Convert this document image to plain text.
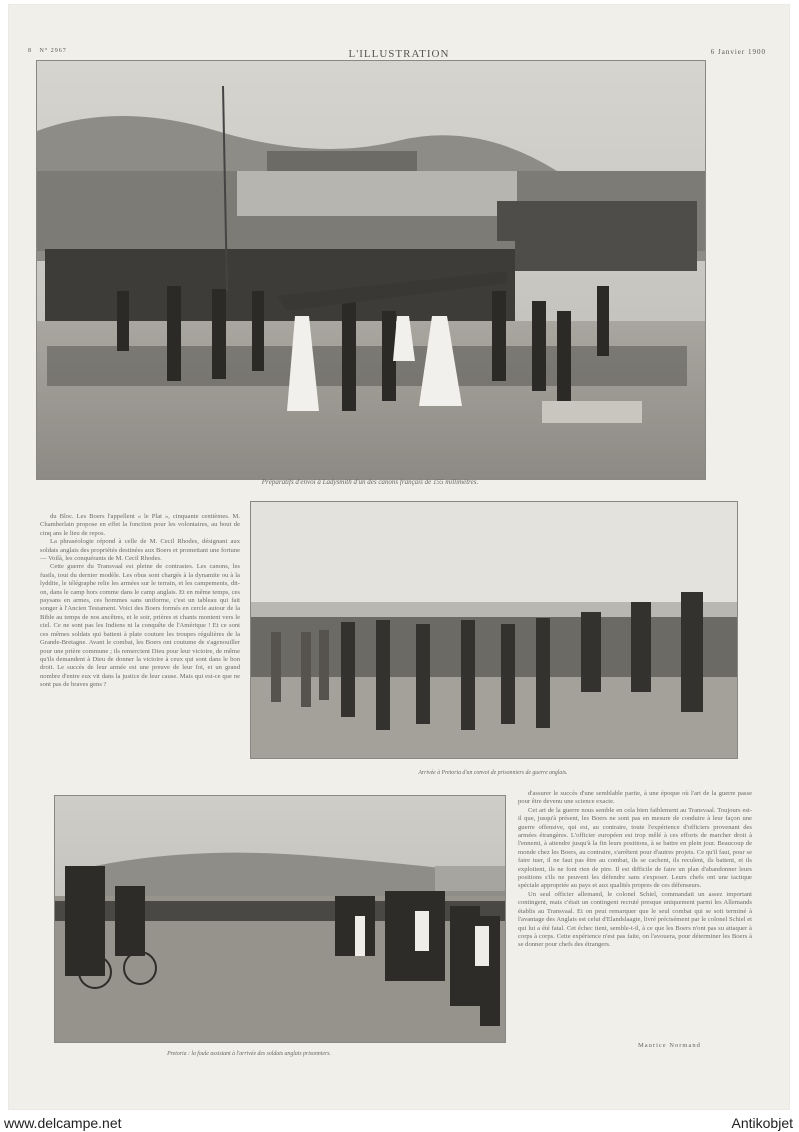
8 N° 2967	L'ILLUSTRATION	6 Janvier 1900
Préparatifs d'envoi à Ladysmith d'un des canons français de 155 millimètres.

du Bloc. Les Boers l'appellent « le Plat », cinquante centièmes. M. Chamberlain propose en effet la fonction pour les volontaires, au bout de cinq ans le lieu de repos.

La phraséologie répond à celle de M. Cecil Rhodes, désignant aux soldats anglais des propriétés destinées aux Boers et promettant une fortune — Voilà, les conquérants de M. Cecil Rhodes.

Cette guerre du Transvaal est pleine de contrastes. Les canons, les fusils, tout du dernier modèle. Les obus sont chargés à la dynamite ou à la lyddite, le télégraphe relie les armées sur le terrain, et les campements, dit-on, dans le camp hors comme dans le camp anglais. Et en même temps, ces paysans en armes, ces hommes sans uniforme, c'est un tableau qui fait songer à l'Ancien Testament. Voici des Boers formés en cercle autour de la Bible au temps de nos ancêtres, et le soir, prières et chants montent vers le ciel. Ce ne sont pas les Indiens ni la conquête de l'Amérique ! Et ce sont ces mêmes soldats qui battent à plate couture les troupes régulières de la Grande-Bretagne. Avant le combat, les Boers ont coutume de s'agenouiller pour une prière commune ; ils remercient Dieu pour leur victoire, de même qu'ils demandent à Dieu de donner la victoire à ceux qui sont dans le bon droit. Le succès de leur armée est une preuve de leur foi, et un grand nombre d'entre eux vit dans la justice de leur cause. Mais qui est-ce que ne sont pas de braves gens ?

Arrivée à Pretoria d'un convoi de prisonniers de guerre anglais.
Pretoria : la foule assistant à l'arrivée des soldats anglais prisonniers.

d'assurer le succès d'une semblable partie, à une époque où l'art de la guerre passe pour être devenu une science exacte.

Cet art de la guerre nous semble en cela bien faiblement au Transvaal. Toujours est-il que, jusqu'à présent, les Boers ne sont pas en mesure de conduire à leur façon une guerre offensive, qui est, au contraire, toute l'expérience d'officiers provenant des armées étrangères. L'officier européen est trop mêlé à ces efforts de marcher droit à l'ennemi, à attendre jusqu'à la fin leurs positions, à se battre en plein jour. Beaucoup de monde chez les Boers, au contraire, s'arrêtent pour d'autres projets. Ce qu'il faut, pour se faire tuer, il ne faut pas être au combat, ils se cachent, ils reculent, ils battent, et ils exploitent, ils ne font rien de pire. Il est difficile de faire un plan d'abandonner leurs positions s'ils ne peuvent les défendre sans s'exposer. Leurs chefs ont une tactique spéciale appropriée au pays et aux qualités propres de ces défenseurs.

Un seul officier allemand, le colonel Schiel, commandait un assez important contingent, mais c'était un contingent recruté presque uniquement parmi les Allemands établis au Transvaal. Et on peut remarquer que le seul combat qui se soit terminé à l'avantage des Anglais est celui d'Elandslaagte, livré précisément par le colonel Schiel et qui lui a été fatal. Cet échec tient, semble-t-il, à ce que les Boers n'ont pas su attaquer à corps à corps. Cette expérience n'est pas faite, on l'avouera, pour déterminer les Boers à se donner pour chefs des étrangers.

Maurice Normand
www.delcampe.net	Antikobjet
